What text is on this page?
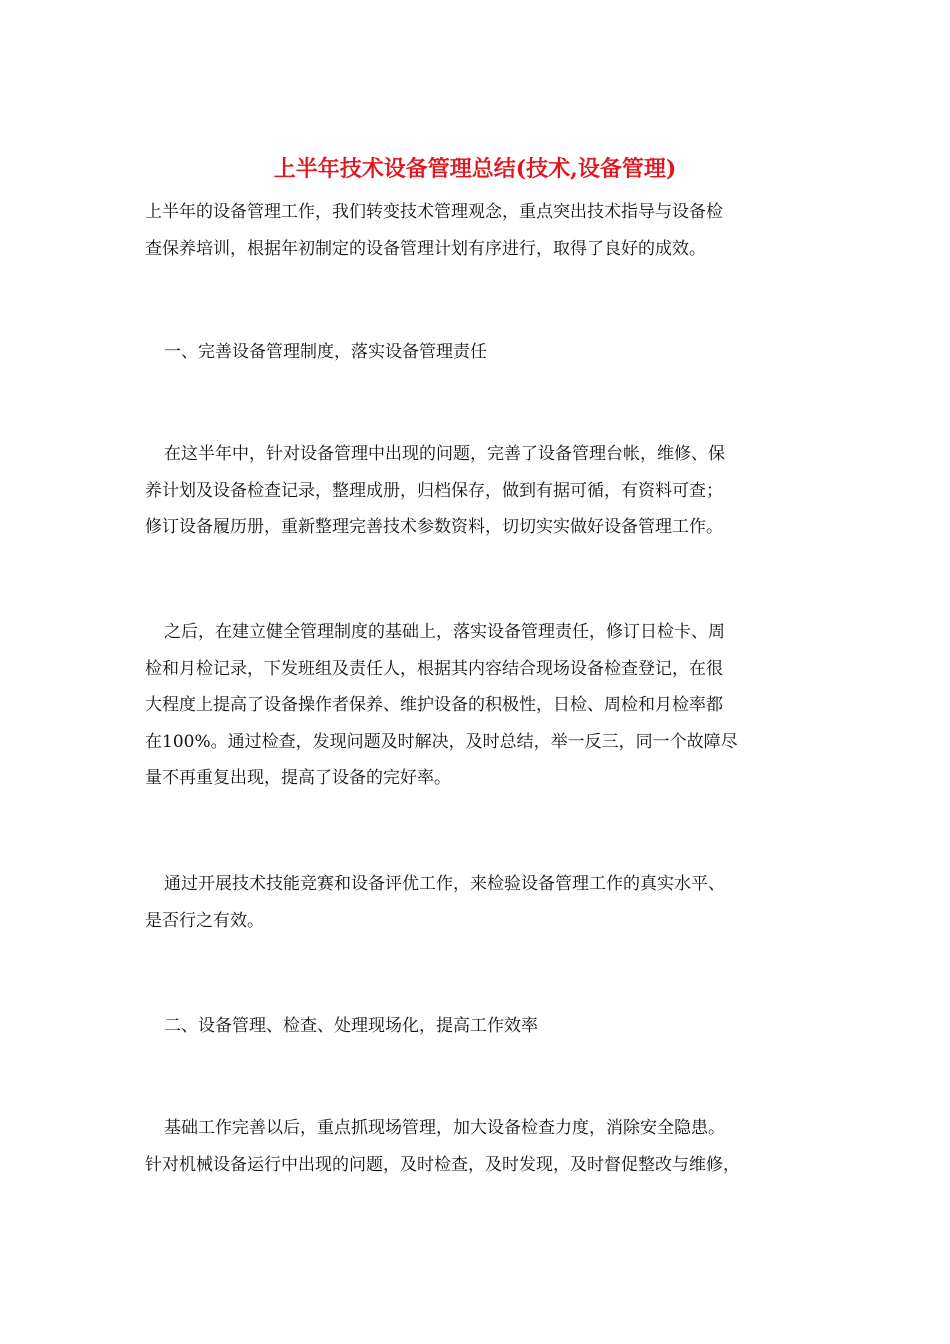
上半年技术设备管理总结(技术,设备管理)

上半年的设备管理工作，我们转变技术管理观念，重点突出技术指导与设备检
查保养培训，根据年初制定的设备管理计划有序进行，取得了良好的成效。

一、完善设备管理制度，落实设备管理责任

在这半年中，针对设备管理中出现的问题，完善了设备管理台帐，维修、保
养计划及设备检查记录，整理成册，归档保存，做到有据可循，有资料可查；
修订设备履历册，重新整理完善技术参数资料，切切实实做好设备管理工作。

之后，在建立健全管理制度的基础上，落实设备管理责任，修订日检卡、周
检和月检记录，下发班组及责任人，根据其内容结合现场设备检查登记，在很
大程度上提高了设备操作者保养、维护设备的积极性，日检、周检和月检率都
在100%。通过检查，发现问题及时解决，及时总结，举一反三，同一个故障尽
量不再重复出现，提高了设备的完好率。

通过开展技术技能竞赛和设备评优工作，来检验设备管理工作的真实水平、
是否行之有效。

二、设备管理、检查、处理现场化，提高工作效率

基础工作完善以后，重点抓现场管理，加大设备检查力度，消除安全隐患。
针对机械设备运行中出现的问题，及时检查，及时发现，及时督促整改与维修，
